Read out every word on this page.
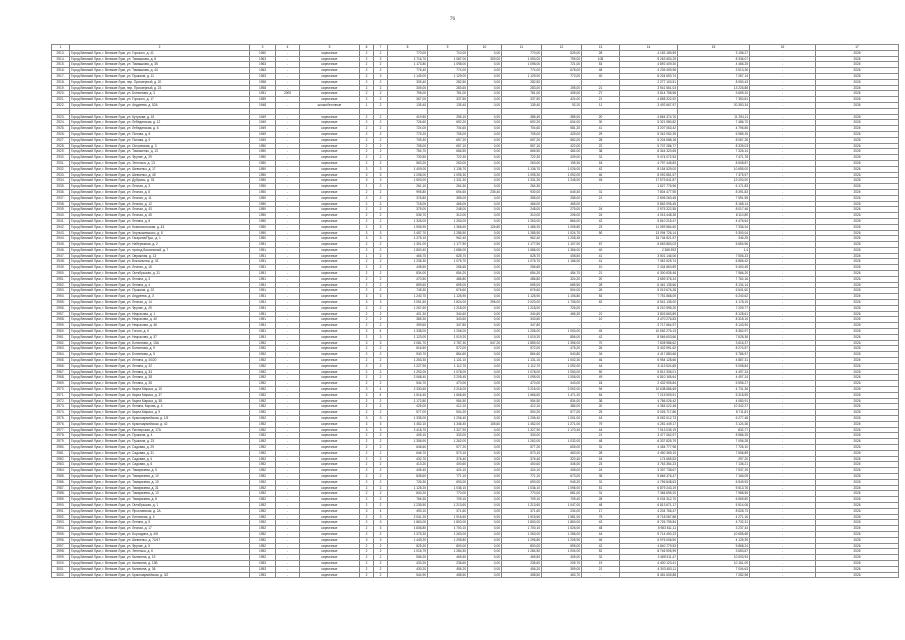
76
1	2	3	4	5	6	7	8	9	10	11	12	13	14	15	16	17
2913.	Город Великий Луки, г. Великие Луки, ул. Горького, д. 41	1960	-	кирпичные	2	2	770,00	710,00	0,00	770,00	525,00	28	4 183 189,59	3 196,27	-	2026
2914.	Город Великий Луки, г. Великие Луки, ул. Тимашкова, д. 8	1963	-	кирпичные	2	3	2 716,70	1 087,00	309,00	1 050,00	795,00	108	9 263 653,29	8 336,07	-	2026
2915.	Город Великий Луки, г. Великие Луки, ул. Тимашкова, д. 35	1963	-	кирпичные	2	2	1 173,80	1 098,00	0,00	1 098,00	721,00	53	4 892 409,30	4 466,25	-	2026
2916.	Город Великий Луки, г. Великие Луки, ул. Тимашкова, д. 44	1963	-	кирпичные	2	2	776,40	774,00	0,00	774,00	678,00	48	4 239 499,98	3 913,26	-	2026
2917.	Город Великий Луки, г. Великие Луки, ул. Пушкина, д. 11	1963	-	кирпичные	2	3	1 149,00	1 129,00	0,00	1 129,00	773,00	40	8 204 693,74	7 267,14	-	2026
2918.	Город Великий Луки, г. Великие Луки, пер. Приозерный, д. 20	1958	-	кирпичные	2	2	305,40	282,50	0,00	282,50	-	-	2 277 103,51	8 050,43	-	2026
2919.	Город Великий Луки, г. Великие Луки, пер. Приозерный, д. 23	1958	-	кирпичные	2	2	305,00	283,60	0,00	283,00	195,00	21	3 941 561,03	13 226,85	-	2026
2920.	Город Великий Луки, г. Великие Луки, ул. Ботвинова, д. 3	1951	2009	кирпичные	2	2	796,00	781,00	0,00	781,00	405,00	27	3 814 758,58	3 659,20	-	2026
2921.	Город Великий Луки, г. Великие Луки, ул. Горького, д. 17	1959	-	кирпичные	2	2	367,00	337,50	0,00	337,50	424,00	21	4 858 322,92	7 350,81	-	2026
2922.	Город Великий Луки, г. Великие Луки, ул. Андреева, д. 52А	1948	-	шлакобетонные	1	2	135,40	135,40	0,00	135,40	92,20	11	3 492 667,97	20 353,34	-	2026

2923.	Город Великий Луки, г. Великие Луки, ул. Кутузова, д. 15	1949	-	кирпичные	2	2	419,50	255,10	0,00	386,40	385,00	20	4 864 374,70	11 294,11	-	2026
2924.	Город Великий Луки, г. Великие Луки, ул. Лебединская, д. 12	1949	-	кирпичные	2	2	726,60	692,20	0,00	692,20	634,00	30	5 321 980,82	7 486,70	-	2026
2925.	Город Великий Луки, г. Великие Луки, ул. Лебединская, д. 6	1949	-	кирпичные	2	2	724,00	704,60	0,00	704,60	581,20	41	3 207 063,42	4 795,85	-	2026
2926.	Город Великий Луки, г. Великие Луки, ул. Попова, д. 8	1949	-	кирпичные	2	2	775,20	705,00	0,00	705,00	425,00	29	5 342 052,39	6 985,25	-	2026
2927.	Город Великий Луки, г. Великие Луки, ул. Попова, д. 9	1949	-	кирпичные	2	2	705,30	657,20	0,00	657,20	582,00	28	5 204 688,18	8 067,28	-	2026
2928.	Город Великий Луки, г. Великие Луки, ул. Островская, д. 3	1950	-	кирпичные	2	2	708,00	657,10	0,00	657,10	422,00	22	5 707 286,77	8 339,03	-	2026
2929.	Город Великий Луки, г. Великие Луки, ул. Тимошенко, д. 13	1950	-	кирпичные	2	2	754,70	666,50	0,00	666,50	484,00	38	8 344 320,65	7 326,14	-	2026
2930.	Город Великий Луки, г. Великие Луки, ул. Фрунзе, д. 29	1950	-	кирпичные	2	2	730,50	722,30	0,00	722,30	439,00	31	5 474 072,53	7 471,78	-	2026
2931.	Город Великий Луки, г. Великие Луки, ул. Энгельса, д. 13	1950	-	кирпичные	2	2	563,20	263,00	0,00	263,00	195,30	18	4 797 445,83	8 508,87	-	2026
2932.	Город Великий Луки, г. Великие Луки, ул. Шевченко, д. 17	1950	-	кирпичные	3	3	1 409,00	1 136,70	0,00	1 136,70	1 026,00	42	8 154 529,00	10 655,00	-	2026
2933.	Город Великий Луки, г. Великие Луки, ул. Шевченко, д. 45	1950	-	кирпичные	3	3	1 208,00	1 095,30	0,00	1 095,30	1 092,00	46	8 092 851,57	7 375,97	-	2026
2934.	Город Великий Луки, г. Великие Луки, ул. Дубровы, д. 33	1950	-	кирпичные	3	3	1 500,00	1 331,30	0,00	1 331,30	1 245,00	45	17 573 641,87	13 200,00	-	2026
2935.	Город Великий Луки, г. Великие Луки, ул. Лесная, д. 3	1950	-	кирпичные	1	2	261,10	264,30	0,00	264,30	-	-	1 627 776,96	6 171,83	-	2026
2936.	Город Великий Луки, г. Великие Луки, ул. Лесная, д. 8	1950	-	кирпичные	2	2	995,80	694,60	235,40	930,00	645,40	31	7 804 477,95	8 391,83	-	2026
2937.	Город Великий Луки, г. Великие Луки, ул. Лесная, д. 11	1950	-	кирпичные	2	2	376,80	355,00	0,00	355,00	258,00	21	2 695 263,45	7 591,95	-	2026
2938.	Город Великий Луки, г. Великие Луки, ул. Лесная, д. 12	1950	-	кирпичные	2	2	718,00	466,00	0,00	466,00	465,00	-	5 862 095,45	8 168,14	-	2026
2939.	Город Великий Луки, г. Великие Луки, ул. Лесная, д. 43	1950	-	кирпичные	2	2	375,00	248,00	0,00	248,00	275,00	24	2 975 322,55	8 017,46	-	2026
2940.	Город Великий Луки, г. Великие Луки, ул. Лесная, д. 45	1950	-	кирпичные	2	2	536,70	310,00	0,00	310,00	206,00	24	4 015 448,35	8 110,89	-	2026
2941.	Город Великий Луки, г. Великие Луки, ул. Ленина, д. 8	1950	-	кирпичные	2	2	1 326,00	1 263,00	0,00	1 263,00	866,00	42	5 810 215,47	4 476,64	-	2026
2942.	Город Великий Луки, г. Великие Луки, ул. Комсомольская, д. 43	1950	-	кирпичные	2	3	1 506,90	1 366,60	126,80	1 486,20	1 005,80	23	11 059 584,60	7 336,34	-	2026
2943.	Город Великий Луки, г. Великие Луки, ул. Чернышевского, д. 8	1950	-	кирпичные	3	3	1 457,70	1 285,50	0,00	1 285,50	1 024,70	50	13 094 726,14	9 300,04	-	2026
2944.	Город Великий Луки, г. Великие Луки, ул. Гагарина/Пуш., д. 1	1950	-	кирпичные	3	3	1 275,10	962,40	0,00	962,40	1 205,45	-	15 744 821,97	346,25	-	2026
2945.	Город Великий Луки, г. Великие Луки, ул. Набережная, д. 2	1951	-	кирпичные	2	2	1 301,00	1 177,50	0,00	1 177,50	1 107,00	57	6 653 863,03	5 654,96	-	2026
2946.	Город Великий Луки, г. Великие Луки, ул. проезд Вокзальный, д. 7	1951	-	кирпичные	2	2	1 800,40	1 686,00	0,00	1 686,00	1 366,00	40	2 368 593	1,4	-	2026
2947.	Город Великий Луки, г. Великие Луки, ул. Овражная, д. 13	1951	-	кирпичные	1	2	466,70	628,70	0,00	628,70	408,50	41	3 501 146,06	7 506,23	-	2026
2948.	Город Великий Луки, г. Великие Луки, ул. Вокзальная, д. 43	1951	-	кирпичные	2	2	1 236,30	1 076,70	0,00	1 076,70	1 166,00	41	7 361 625,74	6 866,42	-	2026
2949.	Город Великий Луки, г. Великие Луки, ул. Лесная, д. 16	1951	-	кирпичные	2	2	448,50	256,65	0,00	256,65	-	10	2 434 863,89	5 400,45	-	2026
2950.	Город Великий Луки, г. Великие Луки, ул. Октябрьская, д. 31	1951	-	кирпичные	2	2	834,00	654,20	0,00	654,20	454,70	21	6 300 635,46	7 566,20	-	2026
2951.	Город Великий Луки, г. Великие Луки, ул. Ленина, д. 3	1951	-	кирпичные	2	2	470,50	486,80	0,00	486,80	324,20	20	3 659 376,24	7 762,16	-	2026
2952.	Город Великий Луки, г. Великие Луки, ул. Ленина, д. 4	1951	-	кирпичные	2	2	859,60	695,00	0,00	695,00	685,50	28	6 461 135,66	8 134,14	-	2026
2953.	Город Великий Луки, г. Великие Луки, ул. Пушкина, д. 22	1951	-	кирпичные	2	2	745,30	676,60	0,00	676,60	504,00	26	5 019 676,28	6 541,60	-	2026
2954.	Город Великий Луки, г. Великие Луки, ул. Андреева, д. 3	1951	-	кирпичные	3	3	1 240,70	1 126,90	0,00	1 126,90	1 106,80	53	7 751 868,09	6 240,62	-	2026
2955.	Город Великий Луки, г. Великие Луки, ул. Лесная, д. 14	1951	-	кирпичные	3	3	2 051,50	1 824,00	296,00	2 020,00	1 705,00	62	8 541 135,00	4 178,10	-	2026
2956.	Город Великий Луки, г. Великие Луки, ул. Фрунзе, д. 29	1951	-	кирпичные	2	2	1 267,60	1 218,00	0,00	1 218,00	726,00	-	8 210 995,20	7 209,77	-	2026
2957.	Город Великий Луки, г. Великие Луки, ул. Некрасова, д. 1	1951	-	кирпичные	2	2	401,30	344,60	0,00	344,60	466,30	21	3 803 663,89	8 128,61	-	2026
2958.	Город Великий Луки, г. Великие Луки, ул. Некрасова, д. 40	1951	-	кирпичные	2	2	385,30	343,60	0,00	343,60	-	10	3 470 276,83	8 318,10	-	2026
2959.	Город Великий Луки, г. Великие Луки, ул. Некрасова, д. 46	1951	-	кирпичные	2	2	399,60	347,80	0,00	347,80	-	-	3 717 664,97	8 143,90	-	2026
2960.	Город Великий Луки, г. Великие Луки, ул. Гоголя, д. 6	1951	-	кирпичные	3	4	1 338,00	1 206,00	0,00	1 206,00	1 000,00	45	10 652 276,13	8 362,97	-	2026
2961.	Город Великий Луки, г. Великие Луки, ул. Некрасова, д. 37	1951	-	кирпичные	2	3	1 123,00	1 019,20	0,00	1 019,20	856,00	42	8 566 603,66	7 628,36	-	2026
2962.	Город Великий Луки, г. Великие Луки, ул. Ботвинова, д. 15А	1952	-	кирпичные	3	3	2 081,70	2 787,30	547,20	1 859,00	1 396,00	70	7 528 986,62	3 616,37	-	2026
2963.	Город Великий Луки, г. Великие Луки, ул. Ботвинова, д. 9	1952	-	кирпичные	2	2	616,50	572,00	0,00	572,00	475,20	26	5 402 991,62	8 274,57	-	2026
2964.	Город Великий Луки, г. Великие Луки, ул. Ботвинова, д. 5	1952	-	кирпичные	2	2	940,70	864,60	0,00	864,60	540,80	34	4 417 880,66	5 786,97	-	2026
2965.	Город Великий Луки, г. Великие Луки, ул. Ленина, д. 40/20	1952	-	кирпичные	2	2	1 263,30	1 131,10	0,00	1 131,10	1 002,30	46	6 954 128,66	4 887,31	-	2026
2966.	Город Великий Луки, г. Великие Луки, ул. Ленина, д. 32	1952	-	кирпичные	2	2	1 227,90	1 112,70	0,00	1 112,70	1 092,00	44	5 113 524,65	5 008,84	-	2026
2967.	Город Великий Луки, г. Великие Луки, ул. Ленина, д. 34	1952	-	кирпичные	2	2	1 292,00	1 078,00	0,00	1 078,00	1 050,00	50	5 812 306,01	4 497,24	-	2026
2968.	Город Великий Луки, г. Великие Луки, ул. Ленина, д. 38	1952	-	кирпичные	2	2	2 068,40	2 205,45	0,00	1 095,00	1 006,00	49	6 810 165,64	4 497,24	-	2026
2969.	Город Великий Луки, г. Великие Луки, ул. Ленина, д. 35	1952	-	кирпичные	2	2	544,70	470,00	0,00	470,00	443,00	18	2 432 905,84	5 596,27	-	2026
2970.	Город Великий Луки, г. Великие Луки, ул. Карла Маркса, д. 10	1952	-	кирпичные	3	4	2 330,60	2 216,00	0,00	2 216,00	2 092,00	94	10 638 686,65	4 731,36	-	2026
2971.	Город Великий Луки, г. Великие Луки, ул. Карла Маркса, д. 37	1952	-	кирпичные	3	4	1 516,40	1 666,60	0,00	1 666,60	1 471,20	64	7 215 509,51	5 318,59	-	2026
2972.	Город Великий Луки, г. Великие Луки, ул. Карла Маркса, д. 38	1952	-	кирпичные	2	2	1 172,80	954,50	0,00	954,50	834,00	38	4 786 026,42	4 080,91	-	2026
2973.	Город Великий Луки, г. Великие Луки, ул. Ленина, Кирова, д. 4	1952	-	кирпичные	2	2	425,00	412,10	0,00	412,10	386,00	20	4 384 022,48	10 342,27	-	2026
2974.	Город Великий Луки, г. Великие Луки, ул. Карла Маркса, д. 9	1952	-	кирпичные	2	2	577,00	504,20	0,00	504,20	577,00	25	5 026 717,86	8 711,81	-	2026
2975.	Город Великий Луки, г. Великие Луки, ул. Красноармейская, д. 1/5	1952	-	кирпичные	3	3	1 335,00	1 206,40	0,00	1 206,40	1 001,00	44	8 052 012,73	6 277,48	-	2026
2976.	Город Великий Луки, г. Великие Луки, ул. Красноармейская, д. 42	1952	-	кирпичные	3	3	1 452,10	1 346,40	105,60	1 452,00	1 271,00	79	4 281 449,17	3 124,38	-	2026
2977.	Город Великий Луки, г. Великие Луки, ул. Пионерская, д. 17А	1952	-	кирпичные	3	3	2 418,70	1 327,90	0,00	1 327,90	1 170,40	44	7 913 035,19	832,77	-	2026
2978.	Город Великий Луки, г. Великие Луки, ул. Пушкина, д. 4	1952	-	кирпичные	2	2	405,10	333,00	0,00	333,00	-	21	3 477 062,97	8 586,25	-	2026
2979.	Город Великий Луки, г. Великие Луки, ул. Пушкина, д. 23	1952	-	кирпичные	2	2	1 356,90	1 262,00	0,00	1 262,00	1 032,00	48	6 337 825,79	7 096,28	-	2026
2980.	Город Великий Луки, г. Великие Луки, ул. Садовая, д. 29	1952	-	кирпичные	2	2	646,60	577,20	0,00	577,20	605,00	31	4 454 777,98	7 726,10	-	2026
2981.	Город Великий Луки, г. Великие Луки, ул. Садовая, д. 31	1952	-	кирпичные	2	2	646,70	573,10	0,00	573,10	463,00	28	4 450 369,10	7 656,89	-	2026
2982.	Город Великий Луки, г. Великие Луки, ул. Садовая, д. 4	1952	-	кирпичные	2	2	432,70	376,40	0,00	376,40	320,40	18	174 665,53	297,20	-	2026
2983.	Город Великий Луки, г. Великие Луки, ул. Садовая, д. 6	1952	-	кирпичные	2	2	413,20	400,60	0,00	400,60	346,00	23	3 763 354,23	7 136,21	-	2026
2984.	Город Великий Луки, г. Великие Луки, ул. Тимирязева, д. 5	1952	-	кирпичные	2	2	445,40	424,10	0,00	424,10	408,00	24	3 397 738,67	7 537,25	-	2026
2985.	Город Великий Луки, г. Великие Луки, ул. Тимирязева, д. 10	1952	-	кирпичные	2	2	838,60	771,10	0,00	771,10	673,00	35	5 866 376,47	7 166,05	-	2026
2986.	Город Великий Луки, г. Великие Луки, ул. Тимирязева, д. 19	1952	-	кирпичные	2	2	726,30	693,00	0,00	693,00	545,20	31	4 756 848,63	6 549,93	-	2026
2987.	Город Великий Луки, г. Великие Луки, ул. Тимирязева, д. 31	1952	-	кирпичные	2	2	1 125,20	1 036,10	0,00	1 036,10	1 096,00	51	6 879 243,19	5 513,76	-	2026
2988.	Город Великий Луки, г. Великие Луки, ул. Тимирязева, д. 13	1952	-	кирпичные	2	2	840,20	770,00	0,00	770,00	681,00	31	7 366 695,20	7 988,55	-	2026
2989.	Город Великий Луки, г. Великие Луки, ул. Тимирязева, д. 8	1952	-	кирпичные	2	2	766,30	709,10	0,00	709,10	705,40	28	5 034 312,70	6 569,80	-	2026
2990.	Город Великий Луки, г. Великие Луки, ул. Октябрьская, д. 1	1952	-	кирпичные	2	2	1 235,50	1 213,60	0,00	1 213,60	1 047,00	48	6 813 671,17	5 514,06	-	2026
2991.	Город Великий Луки, г. Великие Луки, ул. Ярославская, д. 2А	1952	-	кирпичные	3	4	493,10	371,60	0,00	371,60	234,00	17	4 204 766,47	8 528,73	-	2026
2992.	Город Великий Луки, г. Великие Луки, ул. Литовская, д. 4	1952	-	кирпичные	2	3	2 041,20	1 915,60	0,00	1 915,60	1 581,00	75	8 718 087,88	4 271,16	-	2026
2993.	Город Великий Луки, г. Великие Луки, ул. Ленина, д. 5	1952	-	кирпичные	2	3	1 860,00	1 800,00	0,00	1 800,00	1 860,00	43	8 726 795,84	4 732,31	-	2026
2994.	Город Великий Луки, г. Великие Луки, ул. Лесная, д. 17	1952	-	кирпичные	2	3	1 836,80	1 700,10	0,00	1 700,10	1 526,00	48	5 983 811,11	3 237,43	-	2026
2995.	Город Великий Луки, г. Великие Луки, ул. Бороздина, д. 4/8	1952	-	кирпичные	2	2	1 375,30	1 263,00	0,00	1 263,00	1 256,00	44	5 714 490,23	10 655,68	-	2026
2996.	Город Великий Луки, г. Великие Луки, ул. Шевченко, д. 72/47	1952	-	кирпичные	3	3	1 449,20	1 295,80	0,00	1 295,80	1 205,90	46	5 976 006,50	4 125,39	-	2026
2997.	Город Великий Луки, г. Великие Луки, ул. Фрунзе, д. 5	1952	-	кирпичные	2	2	825,20	800,00	0,00	800,00	695,00	42	4 840 779,53	5 868,24	-	2026
2998.	Город Великий Луки, г. Великие Луки, ул. Энгельса, д. 6	1952	-	кирпичные	2	2	1 016,79	1 284,50	0,00	1 284,50	1 004,00	52	8 746 905,99	3 653,67	-	2026
2999.	Город Великий Луки, г. Великие Луки, ул. Калинина, д. 19	1952	-	кирпичные	2	2	556,20	465,50	0,00	465,50	405,00	32	3 485 911,47	10 003,93	-	2026
3000.	Город Великий Луки, г. Великие Луки, ул. Калинина, д. 13В	1953	-	кирпичные	2	2	433,20	236,60	0,00	236,60	205,70	19	4 400 123,41	10 161,09	-	2026
3001.	Город Великий Луки, г. Великие Луки, ул. Калинина, д. 36	1953	-	кирпичные	2	2	430,20	456,20	0,00	456,20	399,00	21	4 303 453,11	7 004,63	-	2026
3002.	Город Великий Луки, г. Великие Луки, ул. Красноармейская, д. 3/2	1953	-	кирпичные	2	2	544,90	458,50	0,00	458,50	463,70	-	8 481 605,88	7 282,98	-	2026
